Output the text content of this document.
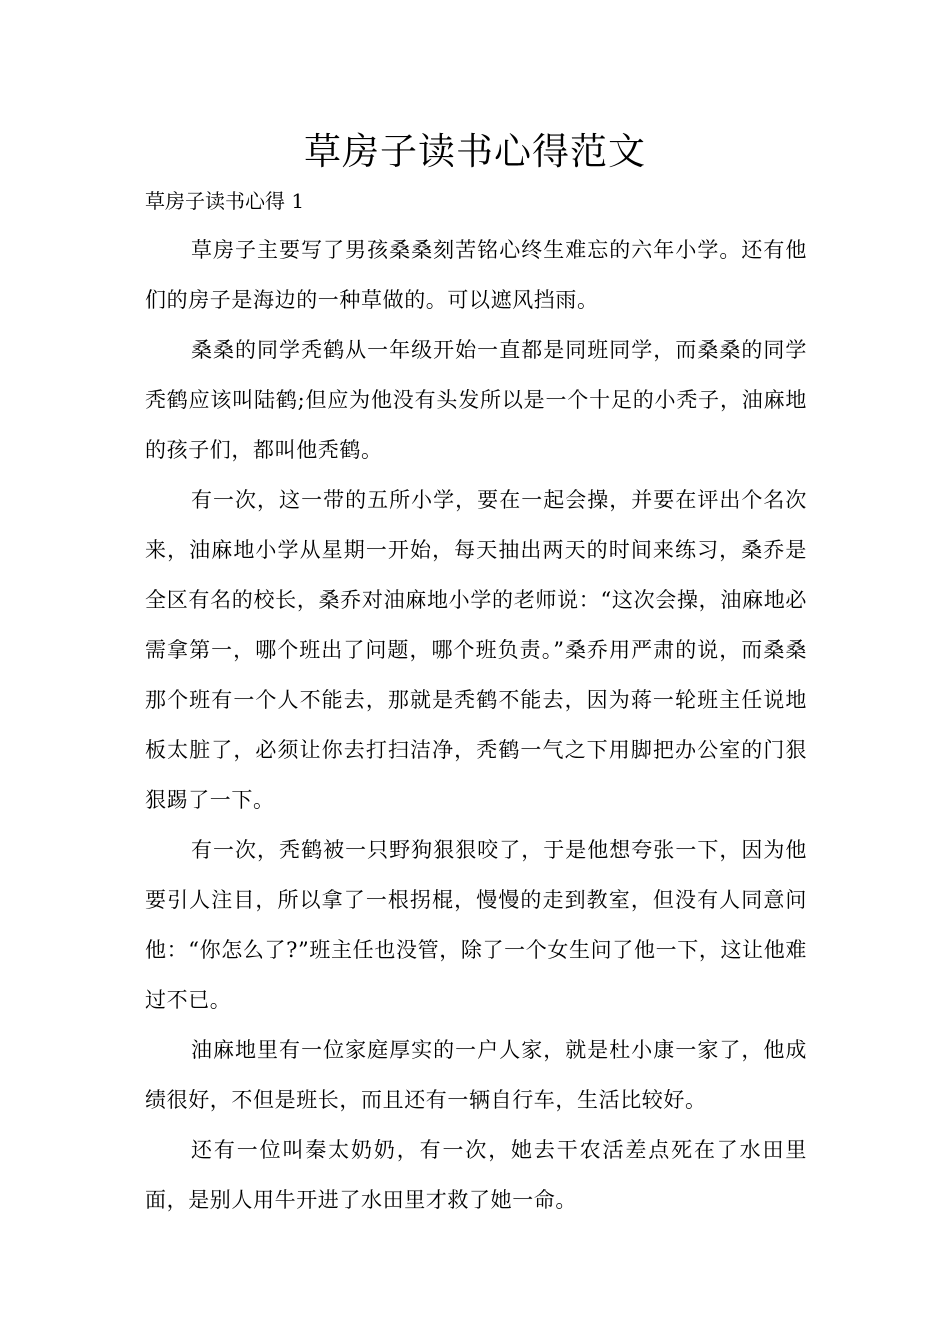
草房子读书心得范文

草房子读书心得 1

草房子主要写了男孩桑桑刻苦铭心终生难忘的六年小学。还有他们的房子是海边的一种草做的。可以遮风挡雨。

桑桑的同学秃鹤从一年级开始一直都是同班同学，而桑桑的同学秃鹤应该叫陆鹤;但应为他没有头发所以是一个十足的小秃子，油麻地的孩子们，都叫他秃鹤。

有一次，这一带的五所小学，要在一起会操，并要在评出个名次来，油麻地小学从星期一开始，每天抽出两天的时间来练习，桑乔是全区有名的校长，桑乔对油麻地小学的老师说：“这次会操，油麻地必需拿第一，哪个班出了问题，哪个班负责。”桑乔用严肃的说，而桑桑那个班有一个人不能去，那就是秃鹤不能去，因为蒋一轮班主任说地板太脏了，必须让你去打扫洁净，秃鹤一气之下用脚把办公室的门狠狠踢了一下。

有一次，秃鹤被一只野狗狠狠咬了，于是他想夸张一下，因为他要引人注目，所以拿了一根拐棍，慢慢的走到教室，但没有人同意问他：“你怎么了?”班主任也没管，除了一个女生问了他一下，这让他难过不已。

油麻地里有一位家庭厚实的一户人家，就是杜小康一家了，他成绩很好，不但是班长，而且还有一辆自行车，生活比较好。

还有一位叫秦太奶奶，有一次，她去干农活差点死在了水田里面，是别人用牛开进了水田里才救了她一命。
